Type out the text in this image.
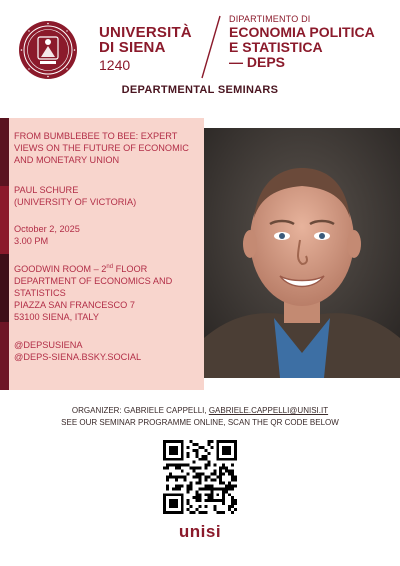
UNIVERSITÀ
DI SIENA
1240
DIPARTIMENTO DI
ECONOMIA POLITICA
E STATISTICA
— DEPS
DEPARTMENTAL SEMINARS
FROM BUMBLEBEE TO BEE: EXPERT
VIEWS ON THE FUTURE OF ECONOMIC
AND MONETARY UNION
PAUL SCHURE
(UNIVERSITY OF VICTORIA)
October 2, 2025
3.00 PM
GOODWIN ROOM – 2nd FLOOR
DEPARTMENT OF ECONOMICS AND
STATISTICS
PIAZZA SAN FRANCESCO 7
53100 SIENA, ITALY
@DEPSUSIENA
@DEPS-SIENA.BSKY.SOCIAL
ORGANIZER: GABRIELE CAPPELLI, GABRIELE.CAPPELLI@UNISI.IT
SEE OUR SEMINAR PROGRAMME ONLINE, SCAN THE QR CODE BELOW
unisi
